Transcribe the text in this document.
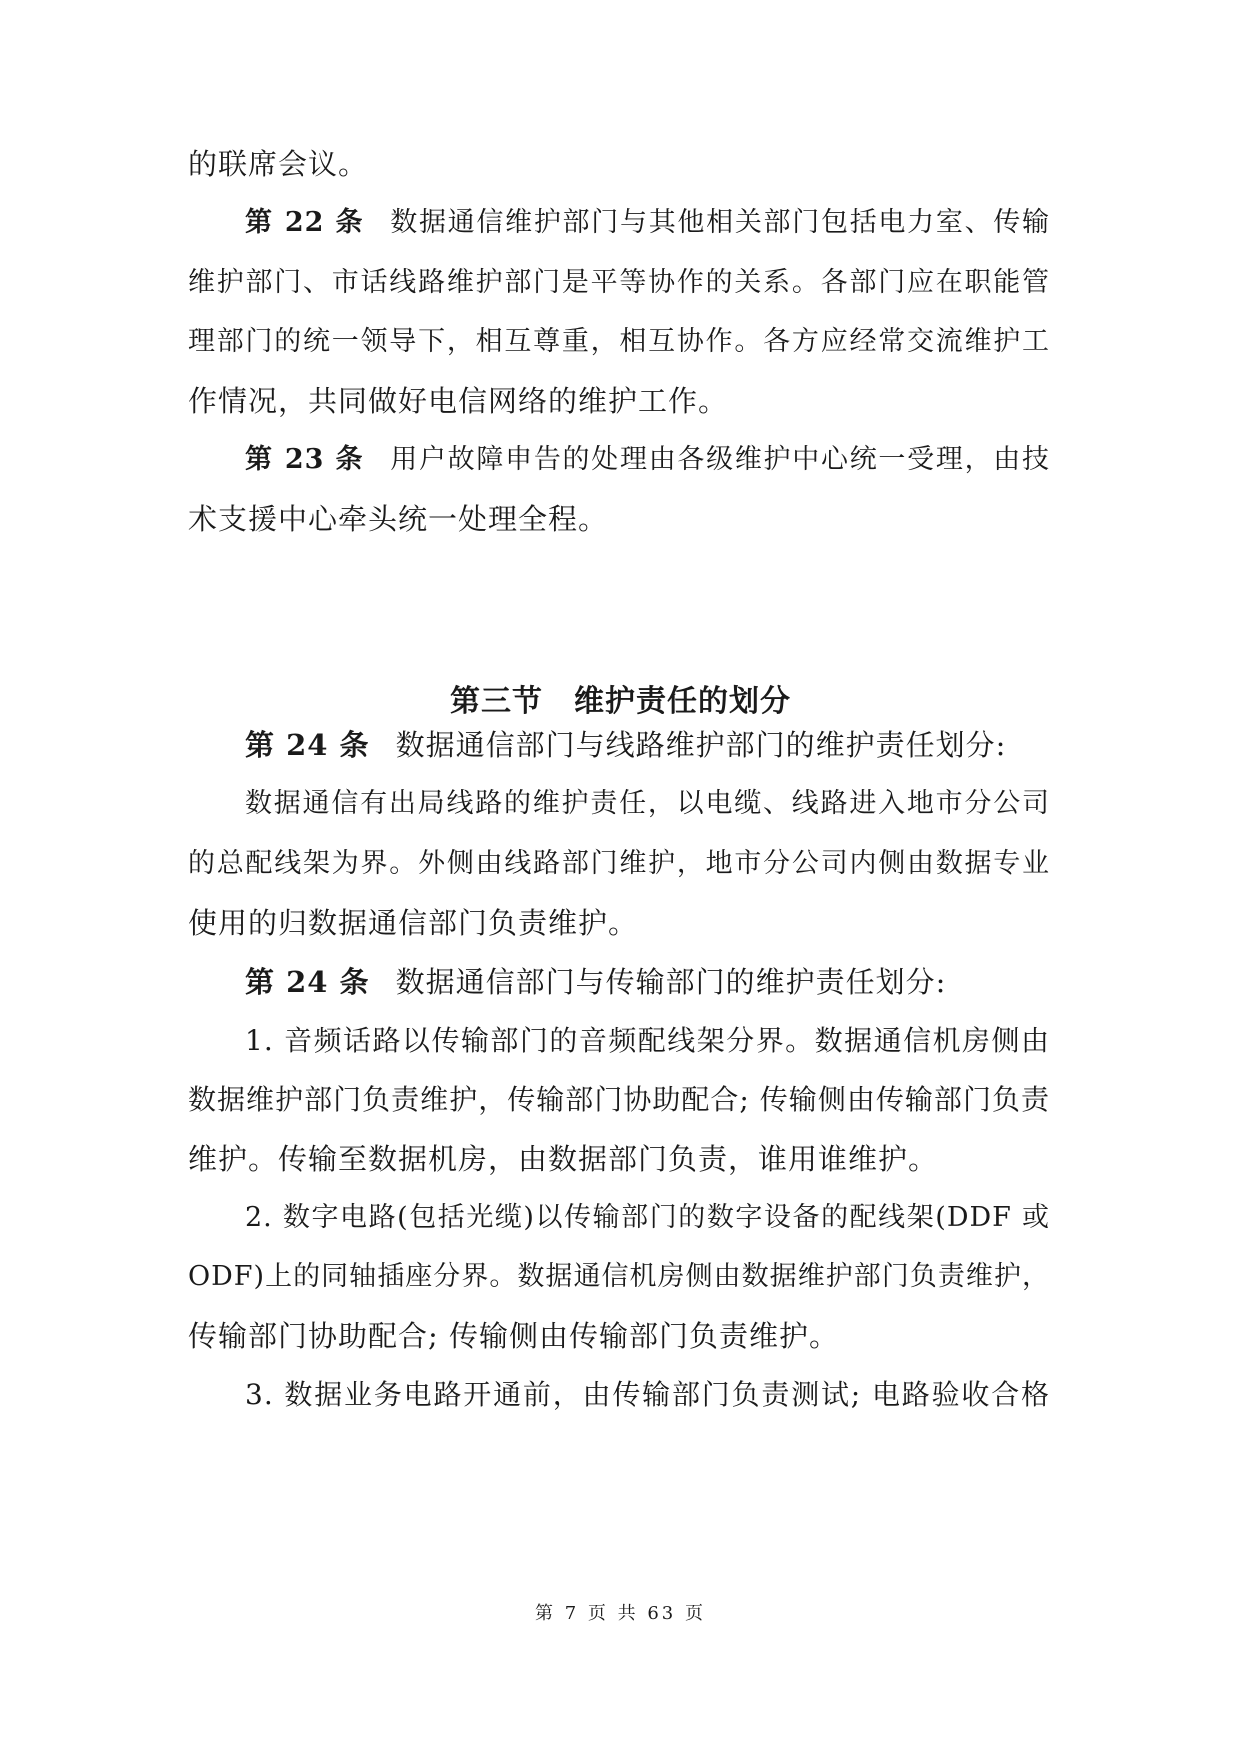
的联席会议。
第 22 条 数据通信维护部门与其他相关部门包括电力室、传输
维护部门、市话线路维护部门是平等协作的关系。各部门应在职能管
理部门的统一领导下，相互尊重，相互协作。各方应经常交流维护工
作情况，共同做好电信网络的维护工作。
第 23 条 用户故障申告的处理由各级维护中心统一受理，由技
术支援中心牵头统一处理全程。
第三节　维护责任的划分
第 24 条 数据通信部门与线路维护部门的维护责任划分:
数据通信有出局线路的维护责任，以电缆、线路进入地市分公司
的总配线架为界。外侧由线路部门维护，地市分公司内侧由数据专业
使用的归数据通信部门负责维护。
第 24 条 数据通信部门与传输部门的维护责任划分:
1. 音频话路以传输部门的音频配线架分界。数据通信机房侧由
数据维护部门负责维护，传输部门协助配合; 传输侧由传输部门负责
维护。传输至数据机房，由数据部门负责，谁用谁维护。
2. 数字电路(包括光缆)以传输部门的数字设备的配线架(DDF 或
ODF)上的同轴插座分界。数据通信机房侧由数据维护部门负责维护，
传输部门协助配合; 传输侧由传输部门负责维护。
3. 数据业务电路开通前，由传输部门负责测试; 电路验收合格
第 7 页 共 63 页
